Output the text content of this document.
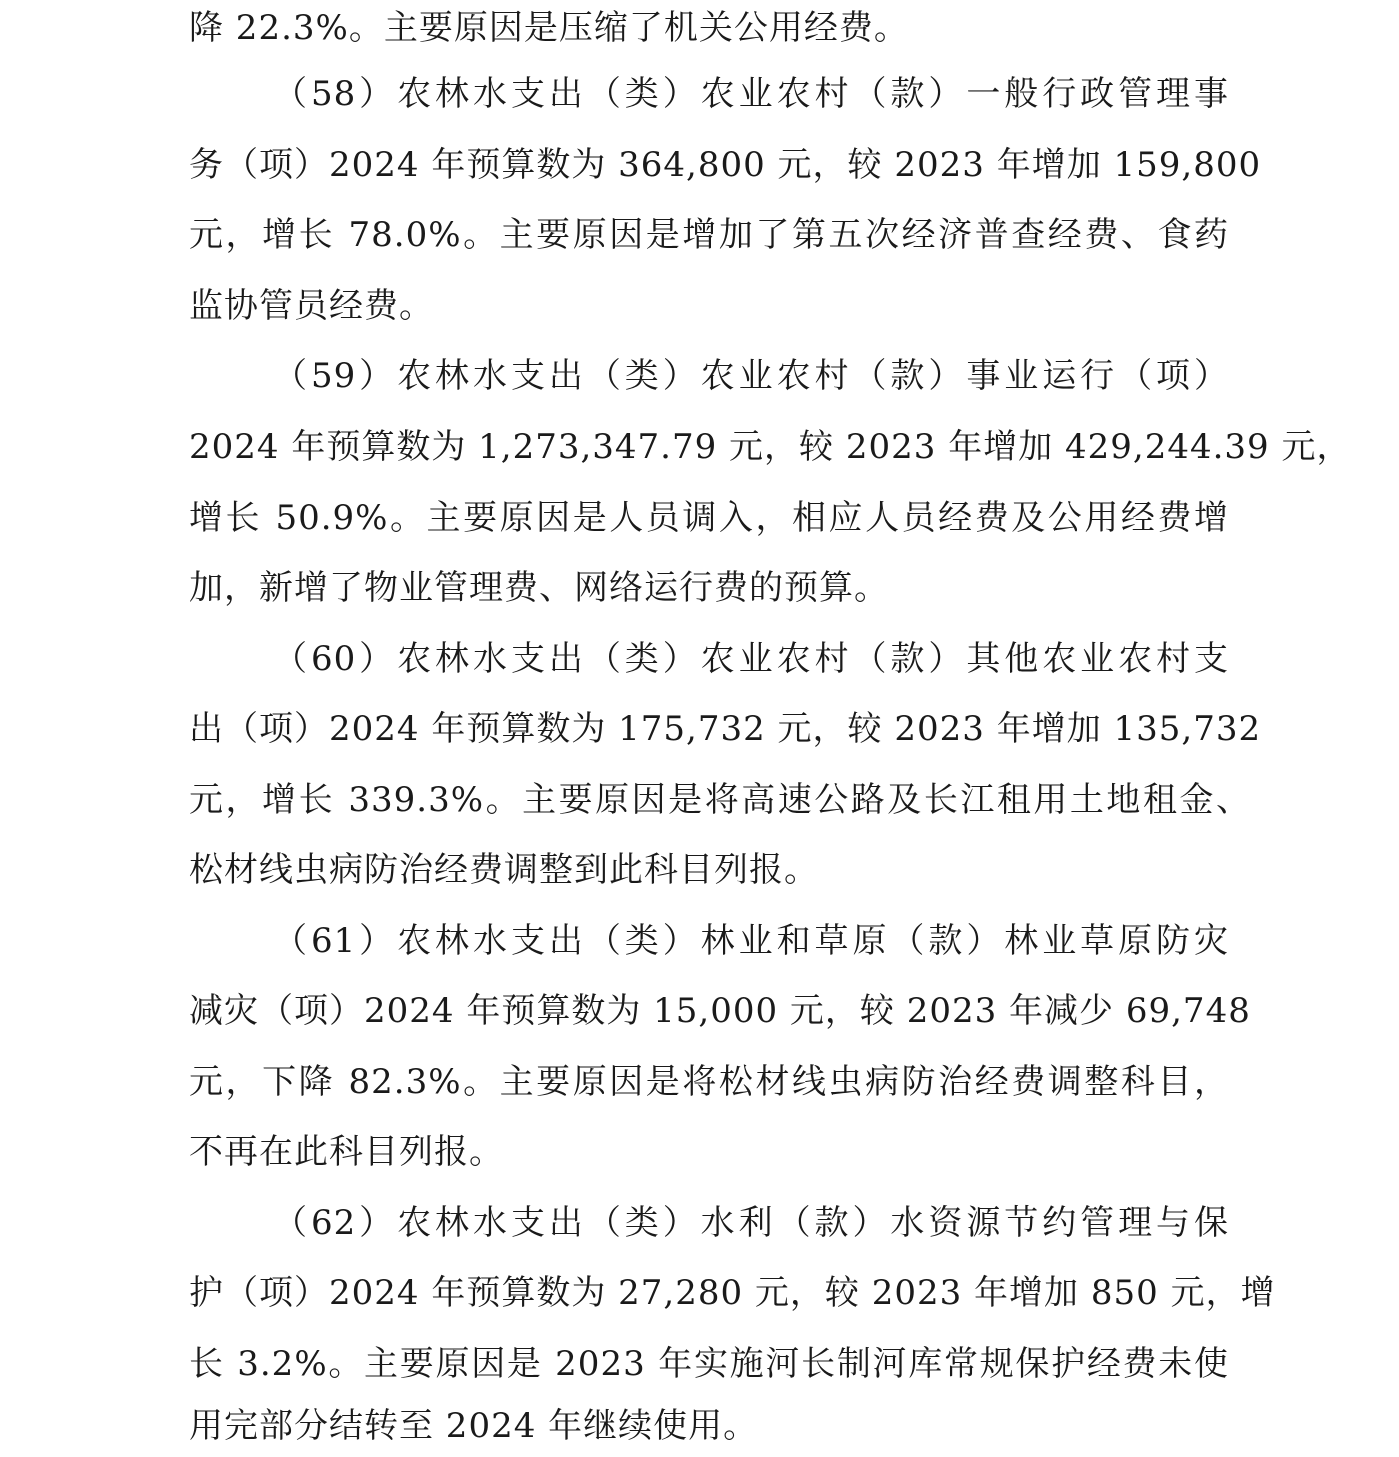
降 22.3%。主要原因是压缩了机关公用经费。
（58）农林水支出（类）农业农村（款）一般行政管理事
务（项）2024 年预算数为 364,800 元，较 2023 年增加 159,800
元，增长 78.0%。主要原因是增加了第五次经济普查经费、食药
监协管员经费。
（59）农林水支出（类）农业农村（款）事业运行（项）
2024 年预算数为 1,273,347.79 元，较 2023 年增加 429,244.39 元，
增长 50.9%。主要原因是人员调入，相应人员经费及公用经费增
加，新增了物业管理费、网络运行费的预算。
（60）农林水支出（类）农业农村（款）其他农业农村支
出（项）2024 年预算数为 175,732 元，较 2023 年增加 135,732
元，增长 339.3%。主要原因是将高速公路及长江租用土地租金、
松材线虫病防治经费调整到此科目列报。
（61）农林水支出（类）林业和草原（款）林业草原防灾
减灾（项）2024 年预算数为 15,000 元，较 2023 年减少 69,748
元，下降 82.3%。主要原因是将松材线虫病防治经费调整科目，
不再在此科目列报。
（62）农林水支出（类）水利（款）水资源节约管理与保
护（项）2024 年预算数为 27,280 元，较 2023 年增加 850 元，增
长 3.2%。主要原因是 2023 年实施河长制河库常规保护经费未使
用完部分结转至 2024 年继续使用。
